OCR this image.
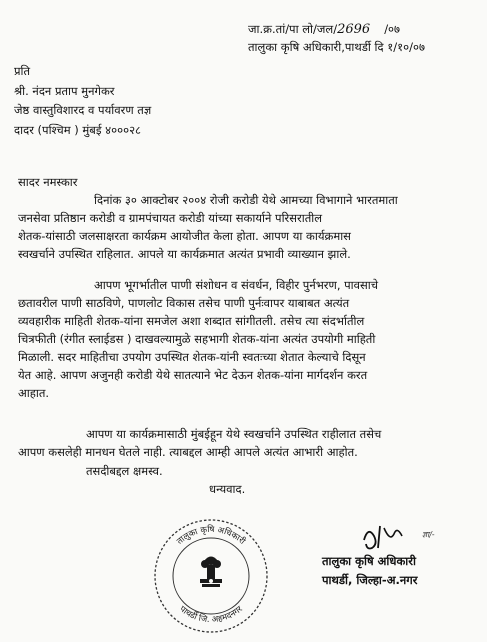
जा.क्र.तां/पा लो/जल/2696 /०७
तालुका कृषि अधिकारी,पाथर्डी दि १/१०/०७
प्रति
श्री. नंदन प्रताप मुनगेकर
जेष्ठ वास्तुविशारद व पर्यावरण तज्ञ
दादर (पश्चिम ) मुंबई ४०००२८
सादर नमस्कार
दिनांक ३० आक्टोबर २००४ रोजी करोडी येथे आमच्या विभागाने भारतमाता
जनसेवा प्रतिष्ठान करोडी व ग्रामपंचायत करोडी यांच्या सकार्याने परिसरातील
शेतक-यांसाठी जलसाक्षरता कार्यक्रम आयोजीत केला होता. आपण या कार्यक्रमास
स्वखर्चाने उपस्थित राहिलात. आपले या कार्यक्रमात अत्यंत प्रभावी व्याख्यान झाले.
आपण भूगर्भातील पाणी संशोधन व संवर्धन, विहीर पुर्नभरण, पावसाचे
छतावरील पाणी साठविणे, पाणलोट विकास तसेच पाणी पुर्नःवापर याबाबत अत्यंत
व्यवहारीक माहिती शेतक-यांना समजेल अशा शब्दात सांगीतली. तसेच त्या संदर्भातील
चित्रफीती (रंगीत स्लाईडस ) दाखवल्यामुळे सहभागी शेतक-यांना अत्यंत उपयोगी माहिती
मिळाली. सदर माहितीचा उपयोग उपस्थित शेतक-यांनी स्वतःच्या शेतात केल्याचे दिसून
येत आहे. आपण अजुनही करोडी येथे सातत्याने भेट देऊन शेतक-यांना मार्गदर्शन करत
आहात.
आपण या कार्यक्रमासाठी मुंबईहून येथे स्वखर्चाने उपस्थित राहीलात तसेच
आपण कसलेही मानधन घेतले नाही. त्याबद्दल आम्ही आपले अत्यंत आभारी आहोत.
तसदीबद्दल क्षमस्व.
धन्यवाद.
तालुका कृषि अधिकारी
पाथर्डी जि. अहमदनगर
ज्ञा/-
तालुका कृषि अधिकारी
पाथर्डी, जिल्हा-अ.नगर
